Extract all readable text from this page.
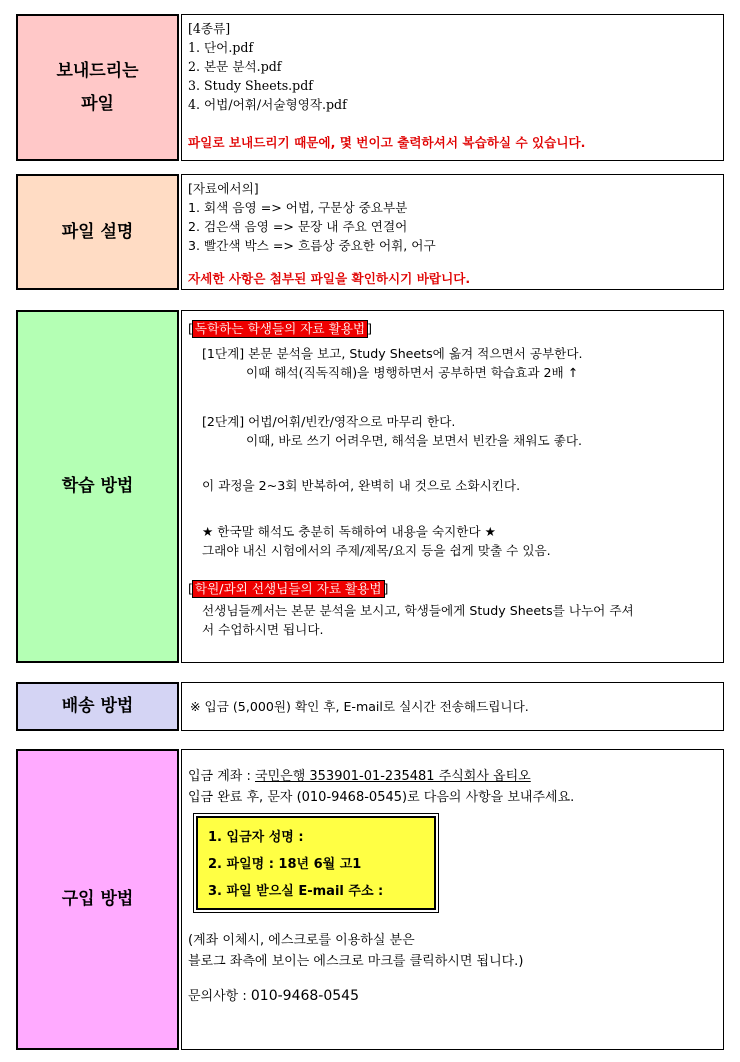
보내드리는
파일
[4종류]
1. 단어.pdf
2. 본문 분석.pdf
3. Study Sheets.pdf
4. 어법/어휘/서술형영작.pdf
파일로 보내드리기 때문에, 몇 번이고 출력하셔서 복습하실 수 있습니다.
파일 설명
[자료에서의]
1. 회색 음영 => 어법, 구문상 중요부분
2. 검은색 음영 => 문장 내 주요 연결어
3. 빨간색 박스 => 흐름상 중요한 어휘, 어구
자세한 사항은 첨부된 파일을 확인하시기 바랍니다.
학습 방법
[ 독학하는 학생들의 자료 활용법 ]
[1단계] 본문 분석을 보고, Study Sheets에 옮겨 적으면서 공부한다.
이때 해석(직독직해)을 병행하면서 공부하면 학습효과 2배 ↑
[2단계] 어법/어휘/빈칸/영작으로 마무리 한다.
이때, 바로 쓰기 어려우면, 해석을 보면서 빈칸을 채워도 좋다.
이 과정을 2~3회 반복하여, 완벽히 내 것으로 소화시킨다.
★ 한국말 해석도 충분히 독해하여 내용을 숙지한다 ★
그래야 내신 시험에서의 주제/제목/요지 등을 쉽게 맞출 수 있음.
[ 학원/과외 선생님들의 자료 활용법 ]
선생님들께서는 본문 분석을 보시고, 학생들에게 Study Sheets를 나누어 주셔
서 수업하시면 됩니다.
배송 방법	※ 입금 (5,000원) 확인 후, E-mail로 실시간 전송해드립니다.
구입 방법
입금 계좌 : 국민은행 353901-01-235481 주식회사 옵티오
입금 완료 후, 문자 (010-9468-0545)로 다음의 사항을 보내주세요.
1. 입금자 성명 :
2. 파일명 : 18년 6월 고1
3. 파일 받으실 E-mail 주소 :
(계좌 이체시, 에스크로를 이용하실 분은
블로그 좌측에 보이는 에스크로 마크를 클릭하시면 됩니다.)
문의사항 : 010-9468-0545
